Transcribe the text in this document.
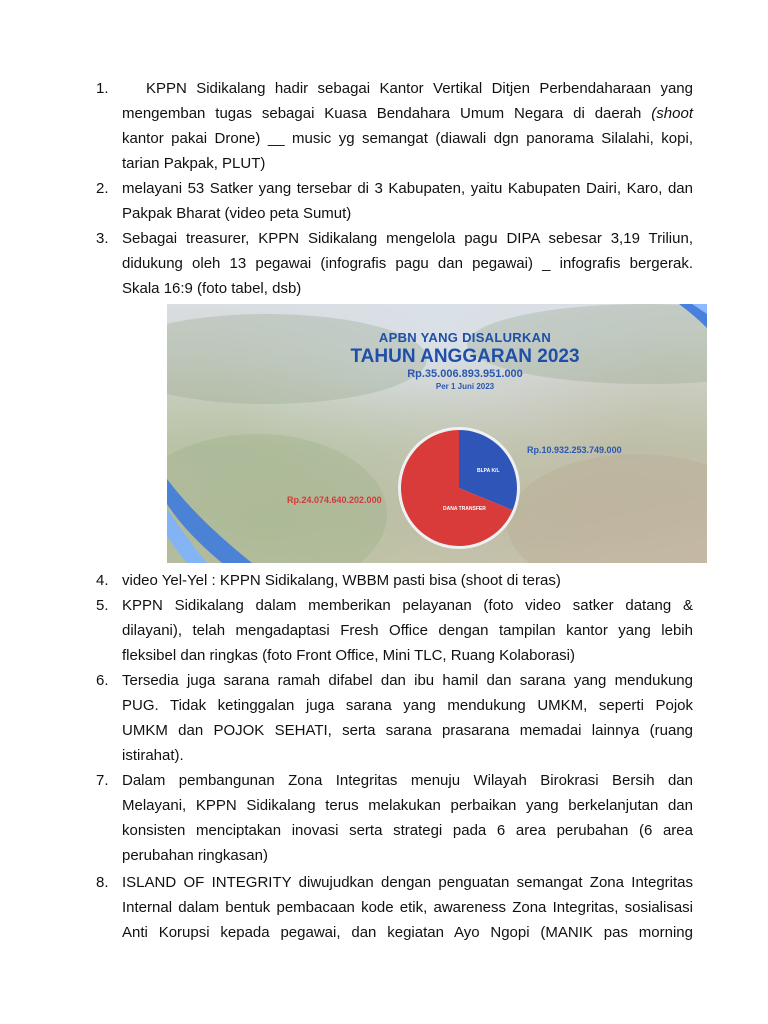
1.	KPPN Sidikalang hadir sebagai Kantor Vertikal Ditjen Perbendaharaan yang
mengemban tugas sebagai Kuasa Bendahara Umum Negara di daerah (shoot
kantor pakai Drone) __ music yg semangat (diawali dgn panorama Silalahi, kopi,
tarian Pakpak, PLUT)
2. melayani 53 Satker yang tersebar di 3 Kabupaten, yaitu Kabupaten Dairi, Karo, dan
Pakpak Bharat (video peta Sumut)
3. Sebagai treasurer, KPPN Sidikalang mengelola pagu DIPA sebesar 3,19 Triliun,
didukung oleh 13 pegawai (infografis pagu dan pegawai) _ infografis bergerak.
Skala 16:9 (foto tabel, dsb)
APBN YANG DISALURKAN
TAHUN ANGGARAN 2023
Rp.35.006.893.951.000
Per 1 Juni 2023
BLPA K/L
DANA TRANSFER
Rp.10.932.253.749.000
Rp.24.074.640.202.000
4. video Yel-Yel : KPPN Sidikalang, WBBM pasti bisa (shoot di teras)
5. KPPN Sidikalang dalam memberikan pelayanan (foto video satker datang &
dilayani), telah mengadaptasi Fresh Office dengan tampilan kantor yang lebih
fleksibel dan ringkas (foto Front Office, Mini TLC, Ruang Kolaborasi)
6. Tersedia juga sarana ramah difabel dan ibu hamil dan sarana yang mendukung
PUG. Tidak ketinggalan juga sarana yang mendukung UMKM, seperti Pojok
UMKM dan POJOK SEHATI, serta sarana prasarana memadai lainnya (ruang
istirahat).
7. Dalam pembangunan Zona Integritas menuju Wilayah Birokrasi Bersih dan
Melayani, KPPN Sidikalang terus melakukan perbaikan yang berkelanjutan dan
konsisten menciptakan inovasi serta strategi pada 6 area perubahan (6 area
perubahan ringkasan)
8. ISLAND OF INTEGRITY diwujudkan dengan penguatan semangat Zona Integritas
Internal dalam bentuk pembacaan kode etik, awareness Zona Integritas, sosialisasi
Anti Korupsi kepada pegawai, dan kegiatan Ayo Ngopi (MANIK pas morning
